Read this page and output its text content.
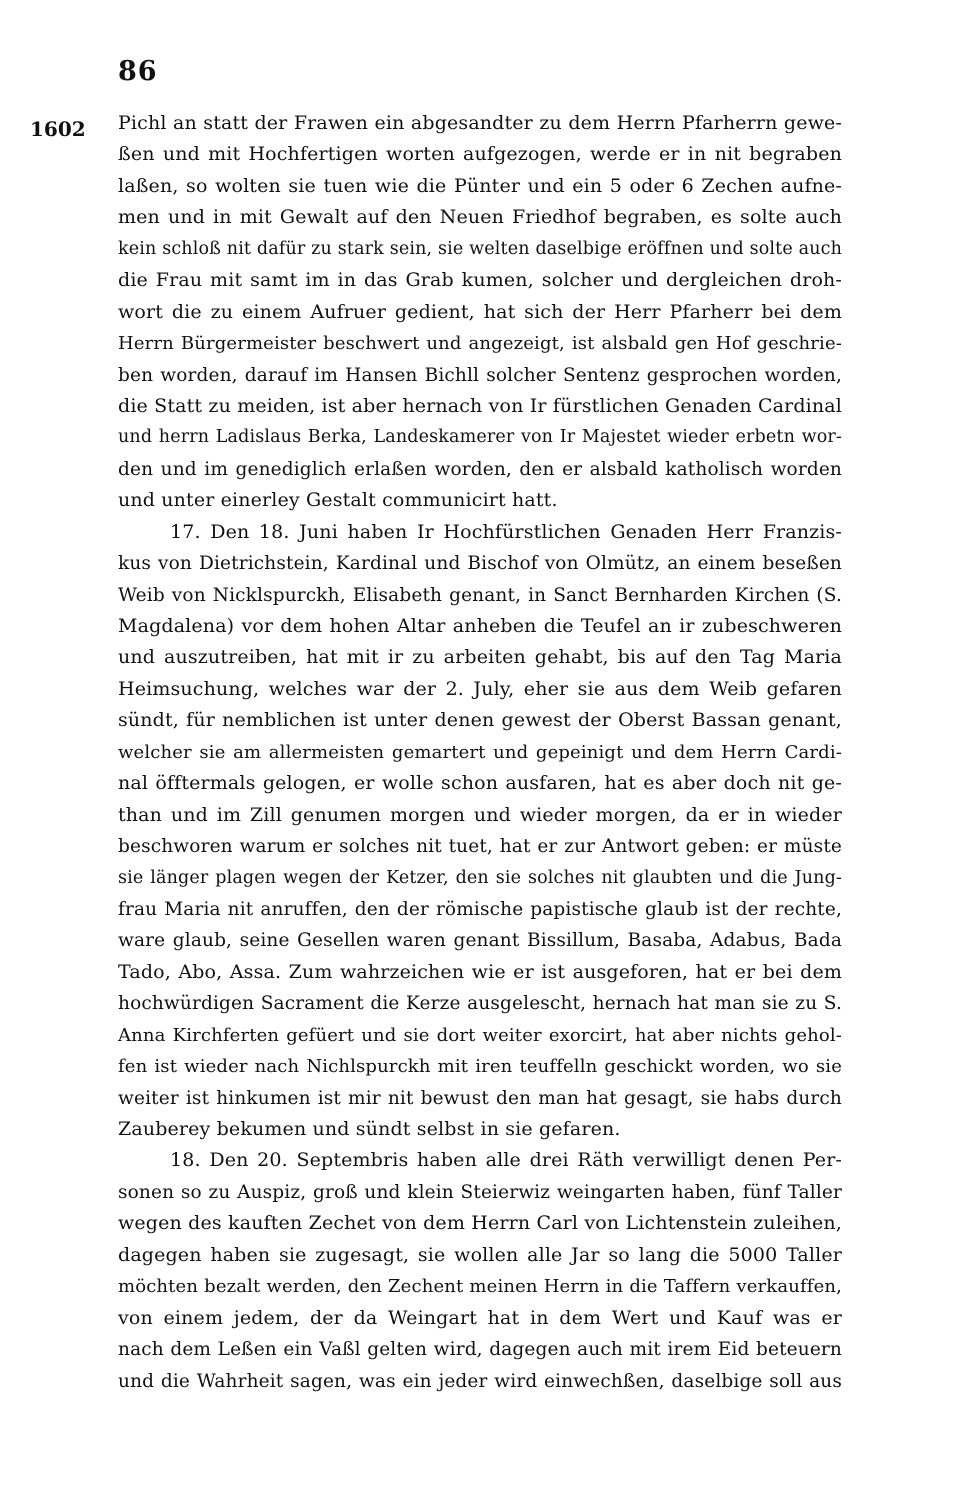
86
1602 Pichl an statt der Frawen ein abgesandter zu dem Herrn Pfarherrn gewe-
ßen und mit Hochfertigen worten aufgezogen, werde er in nit begraben
laßen, so wolten sie tuen wie die Pünter und ein 5 oder 6 Zechen aufne-
men und in mit Gewalt auf den Neuen Friedhof begraben, es solte auch
kein schloß nit dafür zu stark sein, sie welten daselbige eröffnen und solte auch
die Frau mit samt im in das Grab kumen, solcher und dergleichen droh-
wort die zu einem Aufruer gedient, hat sich der Herr Pfarherr bei dem
Herrn Bürgermeister beschwert und angezeigt, ist alsbald gen Hof geschrie-
ben worden, darauf im Hansen Bichll solcher Sentenz gesprochen worden,
die Statt zu meiden, ist aber hernach von Ir fürstlichen Genaden Cardinal
und herrn Ladislaus Berka, Landeskamerer von Ir Majestet wieder erbetn wor-
den und im genediglich erlaßen worden, den er alsbald katholisch worden
und unter einerley Gestalt communicirt hatt.
17. Den 18. Juni haben Ir Hochfürstlichen Genaden Herr Franzis-
kus von Dietrichstein, Kardinal und Bischof von Olmütz, an einem beseßen
Weib von Nicklspurckh, Elisabeth genant, in Sanct Bernharden Kirchen (S.
Magdalena) vor dem hohen Altar anheben die Teufel an ir zubeschweren
und auszutreiben, hat mit ir zu arbeiten gehabt, bis auf den Tag Maria
Heimsuchung, welches war der 2. July, eher sie aus dem Weib gefaren
sündt, für nemblichen ist unter denen gewest der Oberst Bassan genant,
welcher sie am allermeisten gemartert und gepeinigt und dem Herrn Cardi-
nal öfftermals gelogen, er wolle schon ausfaren, hat es aber doch nit ge-
than und im Zill genumen morgen und wieder morgen, da er in wieder
beschworen warum er solches nit tuet, hat er zur Antwort geben: er müste
sie länger plagen wegen der Ketzer, den sie solches nit glaubten und die Jung-
frau Maria nit anruffen, den der römische papistische glaub ist der rechte,
ware glaub, seine Gesellen waren genant Bissillum, Basaba, Adabus, Bada
Tado, Abo, Assa. Zum wahrzeichen wie er ist ausgeforen, hat er bei dem
hochwürdigen Sacrament die Kerze ausgelescht, hernach hat man sie zu S.
Anna Kirchferten gefüert und sie dort weiter exorcirt, hat aber nichts gehol-
fen ist wieder nach Nichlspurckh mit iren teuffelln geschickt worden, wo sie
weiter ist hinkumen ist mir nit bewust den man hat gesagt, sie habs durch
Zauberey bekumen und sündt selbst in sie gefaren.
18. Den 20. Septembris haben alle drei Räth verwilligt denen Per-
sonen so zu Auspiz, groß und klein Steierwiz weingarten haben, fünf Taller
wegen des kauften Zechet von dem Herrn Carl von Lichtenstein zuleihen,
dagegen haben sie zugesagt, sie wollen alle Jar so lang die 5000 Taller
möchten bezalt werden, den Zechent meinen Herrn in die Taffern verkauffen,
von einem jedem, der da Weingart hat in dem Wert und Kauf was er
nach dem Leßen ein Vaßl gelten wird, dagegen auch mit irem Eid beteuern
und die Wahrheit sagen, was ein jeder wird einwechßen, daselbige soll aus
